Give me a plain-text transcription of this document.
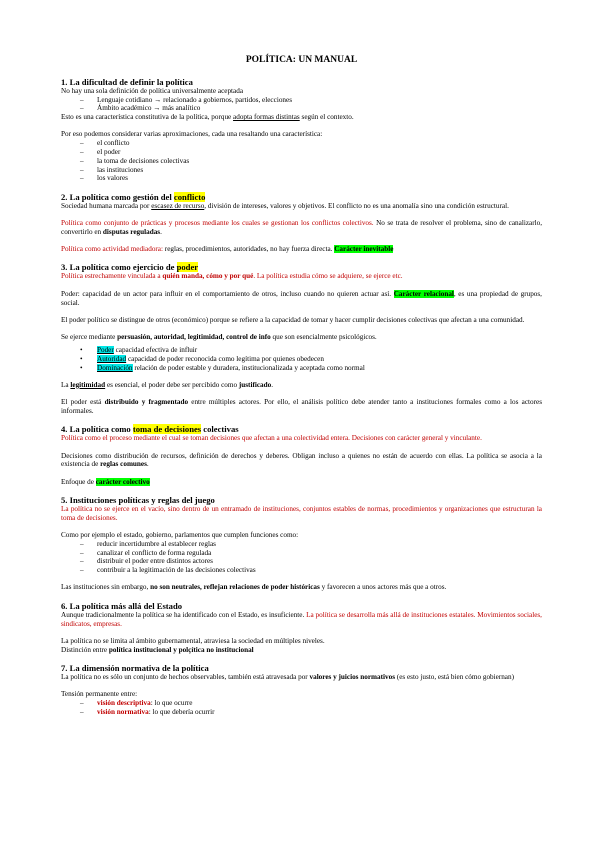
POLÍTICA: UN MANUAL
1. La dificultad de definir la política

No hay una sola definición de política universalmente aceptada

– Lenguaje cotidiano → relacionado a gobiernos, partidos, elecciones
– Ámbito académico → más analítico

Esto es una característica constitutiva de la política, porque adopta formas distintas según el contexto.

Por eso podemos considerar varias aproximaciones, cada una resaltando una característica:

– el conflicto
– el poder
– la toma de decisiones colectivas
– las instituciones
– los valores
2. La política como gestión del conflicto

Sociedad humana marcada por escasez de recurso, división de intereses, valores y objetivos. El conflicto no es una anomalía sino una condición estructural.

Política como conjunto de prácticas y procesos mediante los cuales se gestionan los conflictos colectivos. No se trata de resolver el problema, sino de canalizarlo, convertirlo en disputas reguladas.

Política como actividad mediadora: reglas, procedimientos, autoridades, no hay fuerza directa. Carácter inevitable

3. La política como ejercicio de poder

Política estrechamente vinculada a quién manda, cómo y por qué. La política estudia cómo se adquiere, se ejerce etc.

Poder: capacidad de un actor para influir en el comportamiento de otros, incluso cuando no quieren actuar así. Carácter relacional, es una propiedad de grupos, social.

El poder político se distingue de otros (económico) porque se refiere a la capacidad de tomar y hacer cumplir decisiones colectivas que afectan a una comunidad.

Se ejerce mediante persuasión, autoridad, legitimidad, control de info que son esencialmente psicológicos.

• Poder capacidad efectiva de influir
• Autoridad capacidad de poder reconocida como legítima por quienes obedecen
• Dominación relación de poder estable y duradera, institucionalizada y aceptada como normal

La legitimidad es esencial, el poder debe ser percibido como justificado.

El poder está distribuido y fragmentado entre múltiples actores. Por ello, el análisis político debe atender tanto a instituciones formales como a los actores informales.

4. La política como toma de decisiones colectivas

Política como el proceso mediante el cual se toman decisiones que afectan a una colectividad entera. Decisiones con carácter general y vinculante.

Decisiones como distribución de recursos, definición de derechos y deberes. Obligan incluso a quienes no están de acuerdo con ellas. La política se asocia a la existencia de reglas comunes.

Enfoque de carácter colectivo

5. Instituciones políticas y reglas del juego

La política no se ejerce en el vacío, sino dentro de un entramado de instituciones, conjuntos estables de normas, procedimientos y organizaciones que estructuran la toma de decisiones.

Como por ejemplo el estado, gobierno, parlamentos que cumplen funciones como:

– reducir incertidumbre al establecer reglas
– canalizar el conflicto de forma regulada
– distribuir el poder entre distintos actores
– contribuir a la legitimación de las decisiones colectivas

Las instituciones sin embargo, no son neutrales, reflejan relaciones de poder históricas y favorecen a unos actores más que a otros.

6. La política más allá del Estado

Aunque tradicionalmente la política se ha identificado con el Estado, es insuficiente. La política se desarrolla más allá de instituciones estatales. Movimientos sociales, sindicatos, empresas.

La política no se limita al ámbito gubernamental, atraviesa la sociedad en múltiples niveles.

Distinción entre política institucional y polçítica no institucional

7. La dimensión normativa de la política

La política no es sólo un conjunto de hechos observables, también está atravesada por valores y juicios normativos (es esto justo, está bien cómo gobiernan)

Tensión permanente entre:

– visión descriptiva: lo que ocurre
– visión normativa: lo que debería ocurrir
